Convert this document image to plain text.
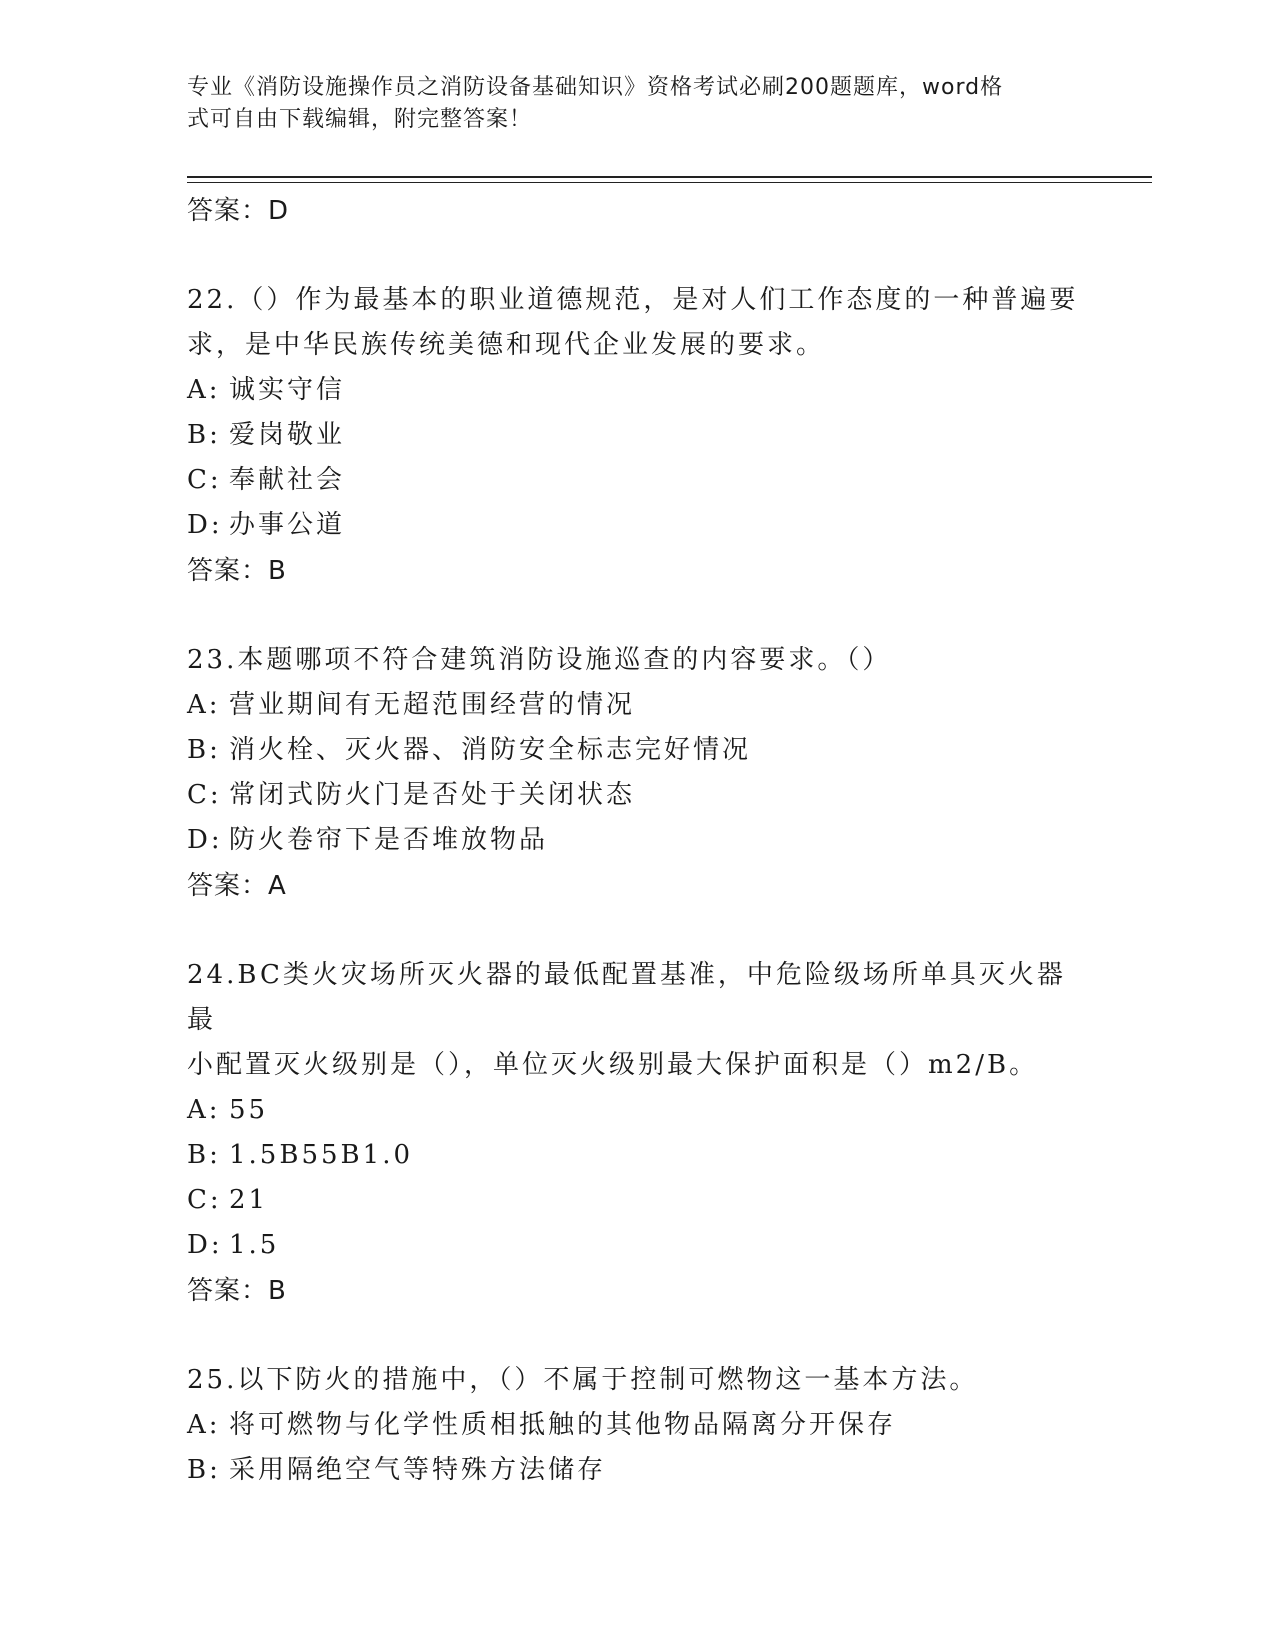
专业《消防设施操作员之消防设备基础知识》资格考试必刷200题题库，word格
式可自由下载编辑，附完整答案！
答案：D
22.（）作为最基本的职业道德规范，是对人们工作态度的一种普遍要
求，是中华民族传统美德和现代企业发展的要求。
A: 诚实守信
B: 爱岗敬业
C: 奉献社会
D: 办事公道
答案：B
23.本题哪项不符合建筑消防设施巡查的内容要求。（）
A: 营业期间有无超范围经营的情况
B: 消火栓、灭火器、消防安全标志完好情况
C: 常闭式防火门是否处于关闭状态
D: 防火卷帘下是否堆放物品
答案：A
24.BC类火灾场所灭火器的最低配置基准，中危险级场所单具灭火器最
小配置灭火级别是（），单位灭火级别最大保护面积是（）m2/B。
A: 55
B: 1.5B55B1.0
C: 21
D: 1.5
答案：B
25.以下防火的措施中，（）不属于控制可燃物这一基本方法。
A: 将可燃物与化学性质相抵触的其他物品隔离分开保存
B: 采用隔绝空气等特殊方法储存
